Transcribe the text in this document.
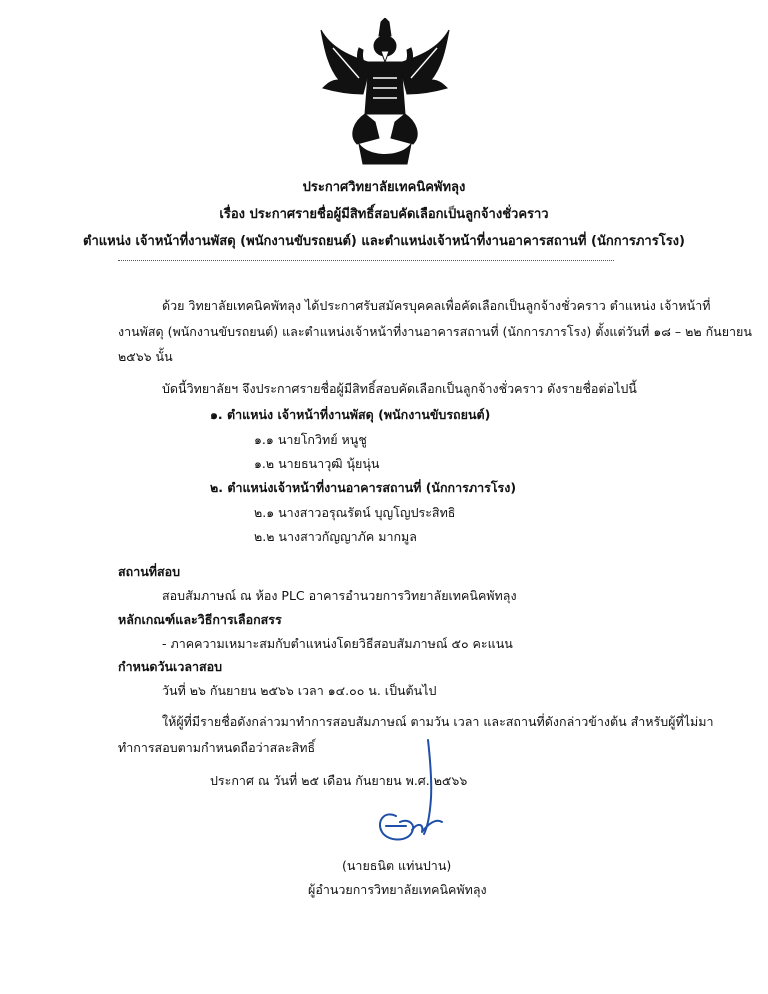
ประกาศวิทยาลัยเทคนิคพัทลุง
เรื่อง ประกาศรายชื่อผู้มีสิทธิ์สอบคัดเลือกเป็นลูกจ้างชั่วคราว
ตำแหน่ง เจ้าหน้าที่งานพัสดุ (พนักงานขับรถยนต์) และตำแหน่งเจ้าหน้าที่งานอาคารสถานที่ (นักการภารโรง)
ด้วย วิทยาลัยเทคนิคพัทลุง ได้ประกาศรับสมัครบุคคลเพื่อคัดเลือกเป็นลูกจ้างชั่วคราว ตำแหน่ง เจ้าหน้าที่
งานพัสดุ (พนักงานขับรถยนต์) และตำแหน่งเจ้าหน้าที่งานอาคารสถานที่ (นักการภารโรง) ตั้งแต่วันที่ ๑๘ – ๒๒ กันยายน
๒๕๖๖ นั้น
บัดนี้วิทยาลัยฯ จึงประกาศรายชื่อผู้มีสิทธิ์สอบคัดเลือกเป็นลูกจ้างชั่วคราว ดังรายชื่อต่อไปนี้
๑. ตำแหน่ง เจ้าหน้าที่งานพัสดุ (พนักงานขับรถยนต์)
๑.๑ นายโกวิทย์ หนูชู
๑.๒ นายธนาวุฒิ นุ้ยนุ่น
๒. ตำแหน่งเจ้าหน้าที่งานอาคารสถานที่ (นักการภารโรง)
๒.๑ นางสาวอรุณรัตน์ บุญโญประสิทธิ
๒.๒ นางสาวกัญญาภัค มากมูล
สถานที่สอบ
สอบสัมภาษณ์ ณ ห้อง PLC อาคารอำนวยการวิทยาลัยเทคนิคพัทลุง
หลักเกณฑ์และวิธีการเลือกสรร
- ภาคความเหมาะสมกับตำแหน่งโดยวิธีสอบสัมภาษณ์ ๕๐ คะแนน
กำหนดวันเวลาสอบ
วันที่ ๒๖ กันยายน ๒๕๖๖ เวลา ๑๔.๐๐ น. เป็นต้นไป
ให้ผู้ที่มีรายชื่อดังกล่าวมาทำการสอบสัมภาษณ์ ตามวัน เวลา และสถานที่ดังกล่าวข้างต้น สำหรับผู้ที่ไม่มา
ทำการสอบตามกำหนดถือว่าสละสิทธิ์
ประกาศ ณ วันที่ ๒๕ เดือน กันยายน พ.ศ. ๒๕๖๖
(นายธนิต แท่นปาน)
ผู้อำนวยการวิทยาลัยเทคนิคพัทลุง
